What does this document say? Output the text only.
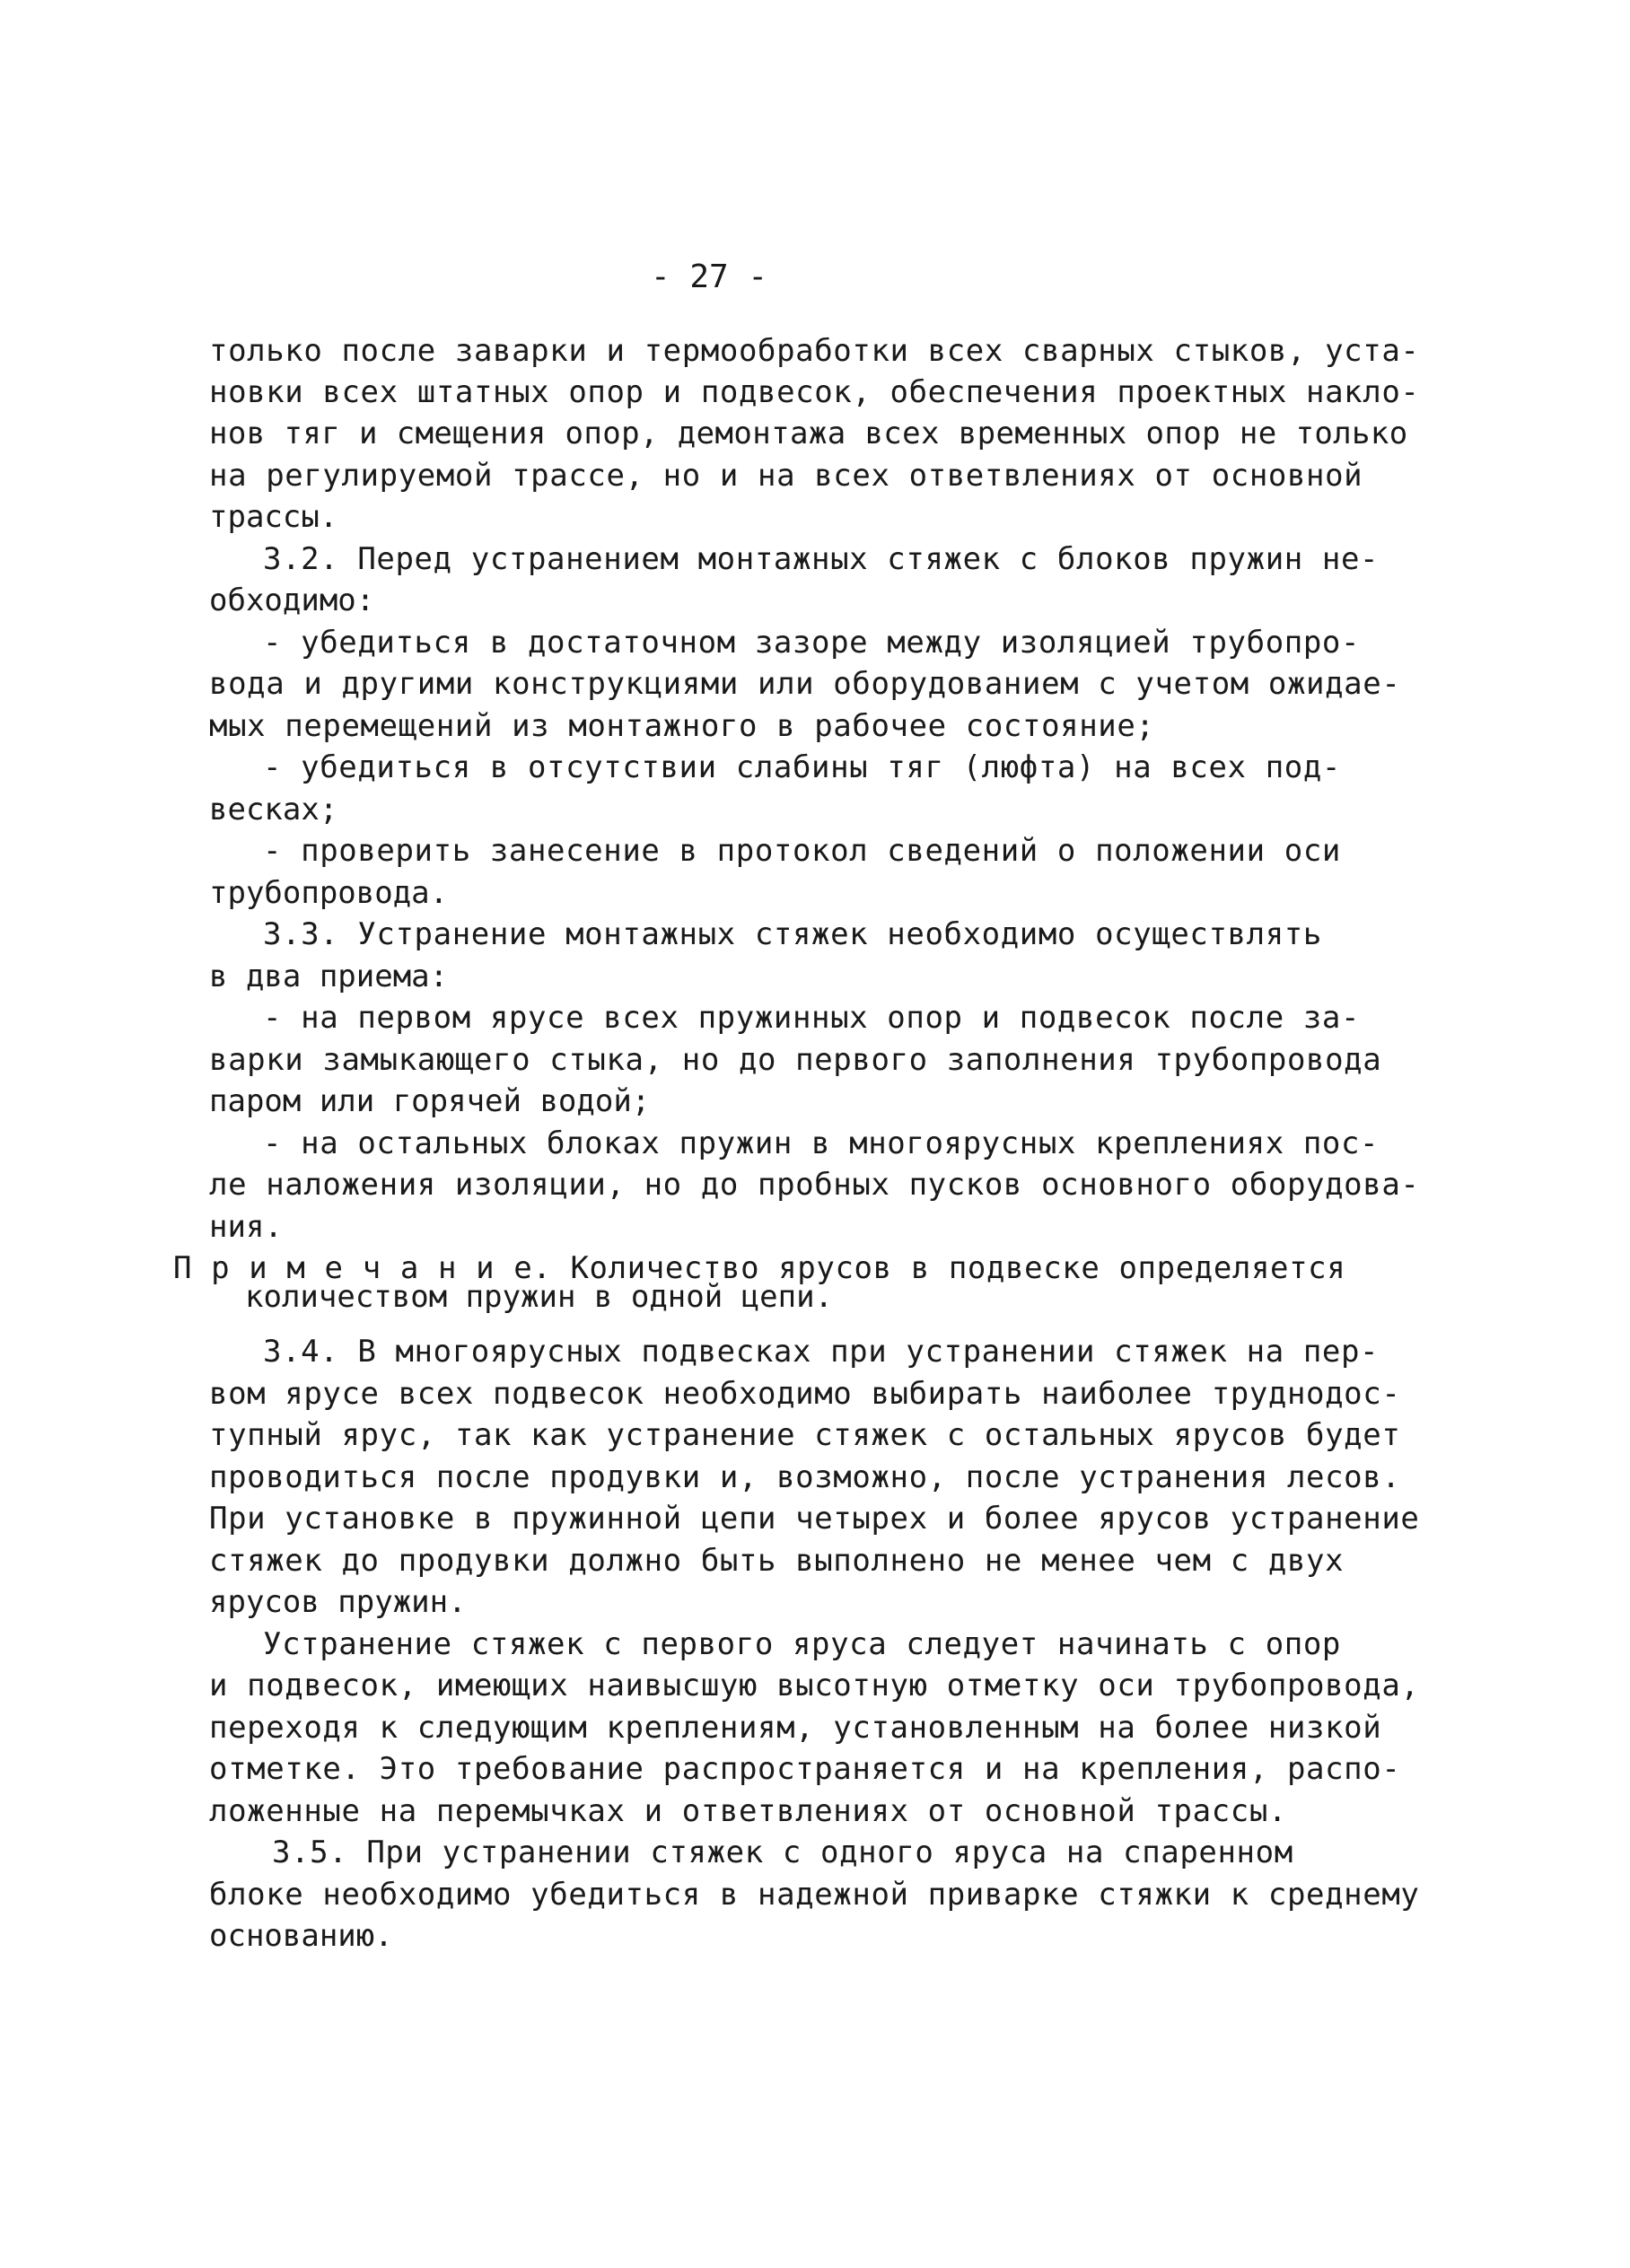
- 27 -
только после заварки и термообработки всех сварных стыков, уста-
новки всех штатных опор и подвесок, обеспечения проектных накло-
нов тяг и смещения опор, демонтажа всех временных опор не только
на регулируемой трассе, но и на всех ответвлениях от основной
трассы.
3.2. Перед устранением монтажных стяжек с блоков пружин не-
обходимо:
- убедиться в достаточном зазоре между изоляцией трубопро-
вода и другими конструкциями или оборудованием с учетом ожидае-
мых перемещений из монтажного в рабочее состояние;
- убедиться в отсутствии слабины тяг (люфта) на всех под-
весках;
- проверить занесение в протокол сведений о положении оси
трубопровода.
3.3. Устранение монтажных стяжек необходимо осуществлять
в два приема:
- на первом ярусе всех пружинных опор и подвесок после за-
варки замыкающего стыка, но до первого заполнения трубопровода
паром или горячей водой;
- на остальных блоках пружин в многоярусных креплениях пос-
ле наложения изоляции, но до пробных пусков основного оборудова-
ния.
П р и м е ч а н и е. Количество ярусов в подвеске определяется
количеством пружин в одной цепи.
3.4. В многоярусных подвесках при устранении стяжек на пер-
вом ярусе всех подвесок необходимо выбирать наиболее труднодос-
тупный ярус, так как устранение стяжек с остальных ярусов будет
проводиться после продувки и, возможно, после устранения лесов.
При установке в пружинной цепи четырех и более ярусов устранение
стяжек до продувки должно быть выполнено не менее чем с двух
ярусов пружин.
Устранение стяжек с первого яруса следует начинать с опор
и подвесок, имеющих наивысшую высотную отметку оси трубопровода,
переходя к следующим креплениям, установленным на более низкой
отметке. Это требование распространяется и на крепления, распо-
ложенные на перемычках и ответвлениях от основной трассы.
3.5. При устранении стяжек с одного яруса на спаренном
блоке необходимо убедиться в надежной приварке стяжки к среднему
основанию.
